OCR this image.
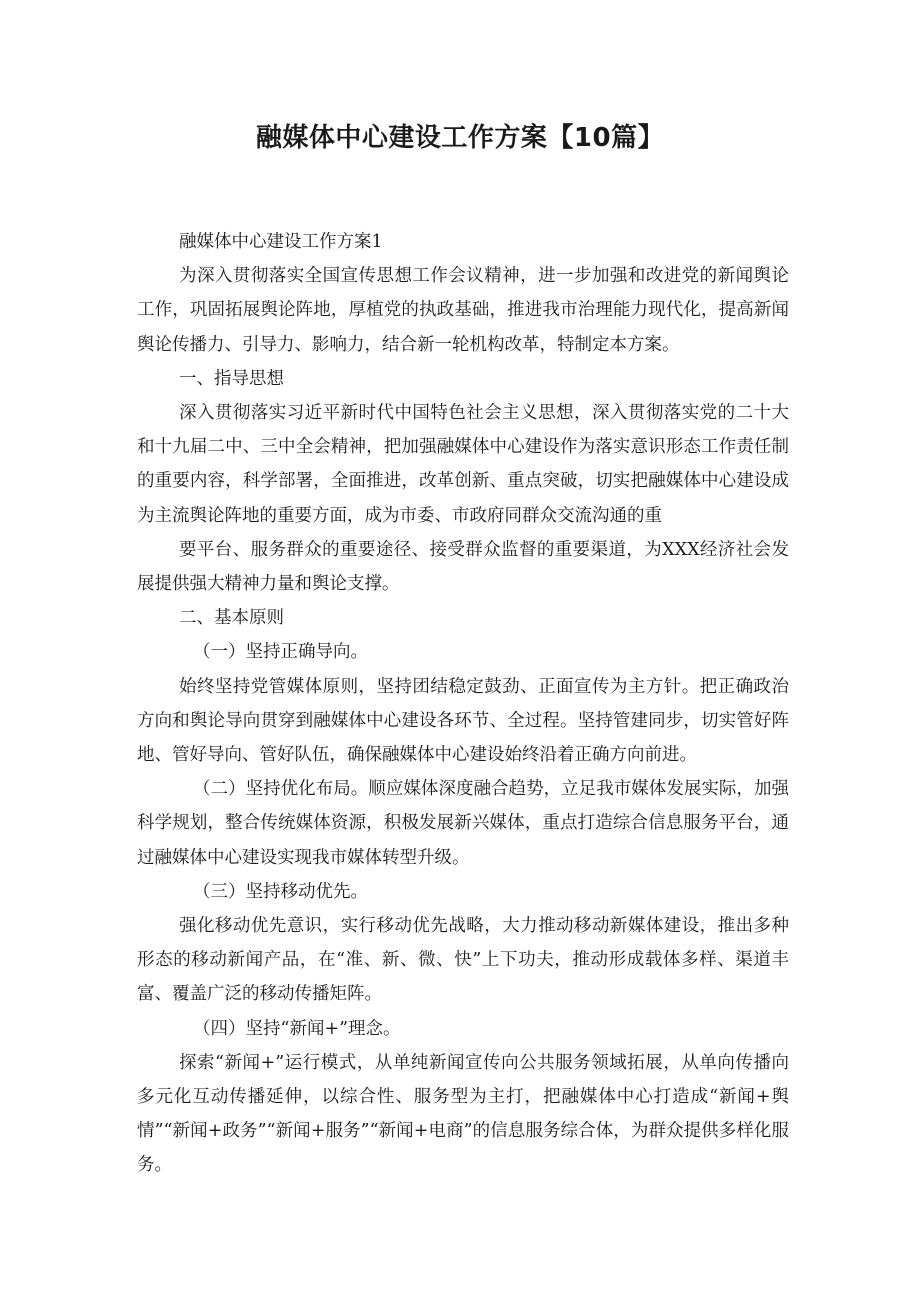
融媒体中心建设工作方案【10篇】

融媒体中心建设工作方案1

为深入贯彻落实全国宣传思想工作会议精神，进一步加强和改进党的新闻舆论工作，巩固拓展舆论阵地，厚植党的执政基础，推进我市治理能力现代化，提高新闻舆论传播力、引导力、影响力，结合新一轮机构改革，特制定本方案。

一、指导思想

深入贯彻落实习近平新时代中国特色社会主义思想，深入贯彻落实党的二十大和十九届二中、三中全会精神，把加强融媒体中心建设作为落实意识形态工作责任制的重要内容，科学部署，全面推进，改革创新、重点突破，切实把融媒体中心建设成为主流舆论阵地的重要方面，成为市委、市政府同群众交流沟通的重

要平台、服务群众的重要途径、接受群众监督的重要渠道，为XXX经济社会发展提供强大精神力量和舆论支撑。

二、基本原则

（一）坚持正确导向。

始终坚持党管媒体原则，坚持团结稳定鼓劲、正面宣传为主方针。把正确政治方向和舆论导向贯穿到融媒体中心建设各环节、全过程。坚持管建同步，切实管好阵地、管好导向、管好队伍，确保融媒体中心建设始终沿着正确方向前进。

（二）坚持优化布局。顺应媒体深度融合趋势，立足我市媒体发展实际，加强科学规划，整合传统媒体资源，积极发展新兴媒体，重点打造综合信息服务平台，通过融媒体中心建设实现我市媒体转型升级。

（三）坚持移动优先。

强化移动优先意识，实行移动优先战略，大力推动移动新媒体建设，推出多种形态的移动新闻产品，在“准、新、微、快”上下功夫，推动形成载体多样、渠道丰富、覆盖广泛的移动传播矩阵。

（四）坚持“新闻+”理念。

探索“新闻+”运行模式，从单纯新闻宣传向公共服务领域拓展，从单向传播向多元化互动传播延伸，以综合性、服务型为主打，把融媒体中心打造成“新闻+舆情”“新闻+政务”“新闻+服务”“新闻+电商”的信息服务综合体，为群众提供多样化服务。
